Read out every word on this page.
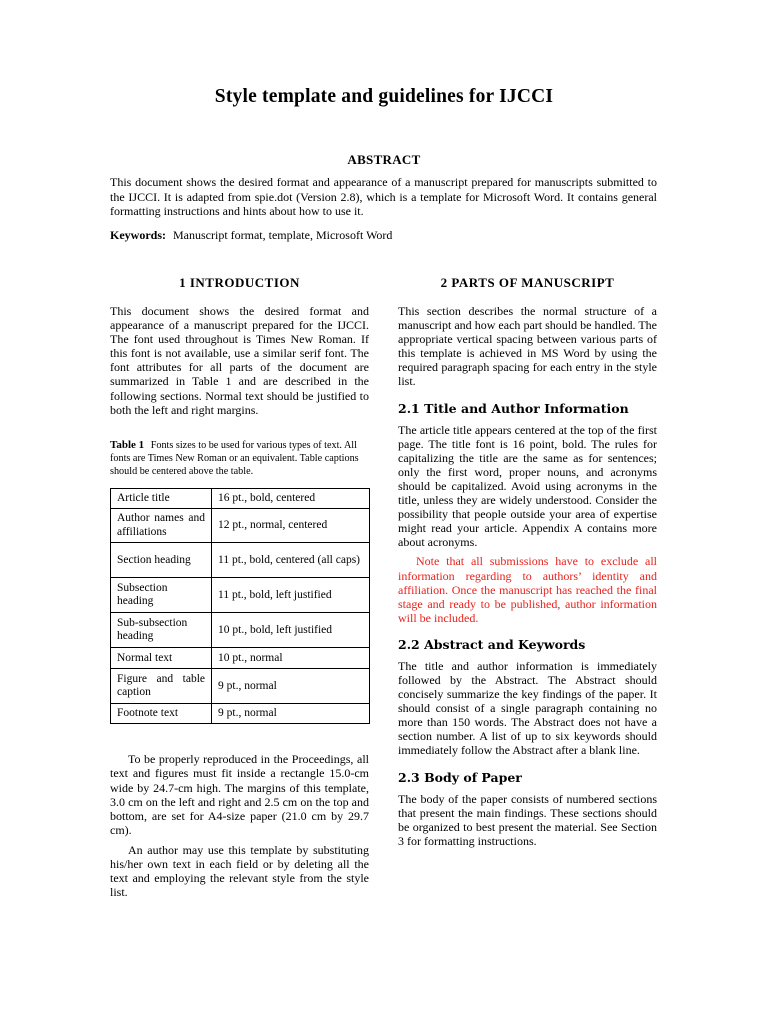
Style template and guidelines for IJCCI
ABSTRACT
This document shows the desired format and appearance of a manuscript prepared for manuscripts submitted to the IJCCI. It is adapted from spie.dot (Version 2.8), which is a template for Microsoft Word. It contains general formatting instructions and hints about how to use it.
Keywords: Manuscript format, template, Microsoft Word
1 INTRODUCTION

This document shows the desired format and appearance of a manuscript prepared for the IJCCI. The font used throughout is Times New Roman. If this font is not available, use a similar serif font. The font attributes for all parts of the document are summarized in Table 1 and are described in the following sections. Normal text should be justified to both the left and right margins.

Table 1 Fonts sizes to be used for various types of text. All fonts are Times New Roman or an equivalent. Table captions should be centered above the table.
Article title	16 pt., bold, centered
Author names and affiliations	12 pt., normal, centered
Section heading	11 pt., bold, centered (all caps)
Subsection heading	11 pt., bold, left justified
Sub-subsection heading	10 pt., bold, left justified
Normal text	10 pt., normal
Figure and table caption	9 pt., normal
Footnote text	9 pt., normal

To be properly reproduced in the Proceedings, all text and figures must fit inside a rectangle 15.0-cm wide by 24.7-cm high. The margins of this template, 3.0 cm on the left and right and 2.5 cm on the top and bottom, are set for A4-size paper (21.0 cm by 29.7 cm).

An author may use this template by substituting his/her own text in each field or by deleting all the text and employing the relevant style from the style list.

2 PARTS OF MANUSCRIPT

This section describes the normal structure of a manuscript and how each part should be handled. The appropriate vertical spacing between various parts of this template is achieved in MS Word by using the required paragraph spacing for each entry in the style list.

2.1 Title and Author Information

The article title appears centered at the top of the first page. The title font is 16 point, bold. The rules for capitalizing the title are the same as for sentences; only the first word, proper nouns, and acronyms should be capitalized. Avoid using acronyms in the title, unless they are widely understood. Consider the possibility that people outside your area of expertise might read your article. Appendix A contains more about acronyms.

Note that all submissions have to exclude all information regarding to authors’ identity and affiliation. Once the manuscript has reached the final stage and ready to be published, author information will be included.

2.2 Abstract and Keywords

The title and author information is immediately followed by the Abstract. The Abstract should concisely summarize the key findings of the paper. It should consist of a single paragraph containing no more than 150 words. The Abstract does not have a section number. A list of up to six keywords should immediately follow the Abstract after a blank line.

2.3 Body of Paper

The body of the paper consists of numbered sections that present the main findings. These sections should be organized to best present the material. See Section 3 for formatting instructions.
